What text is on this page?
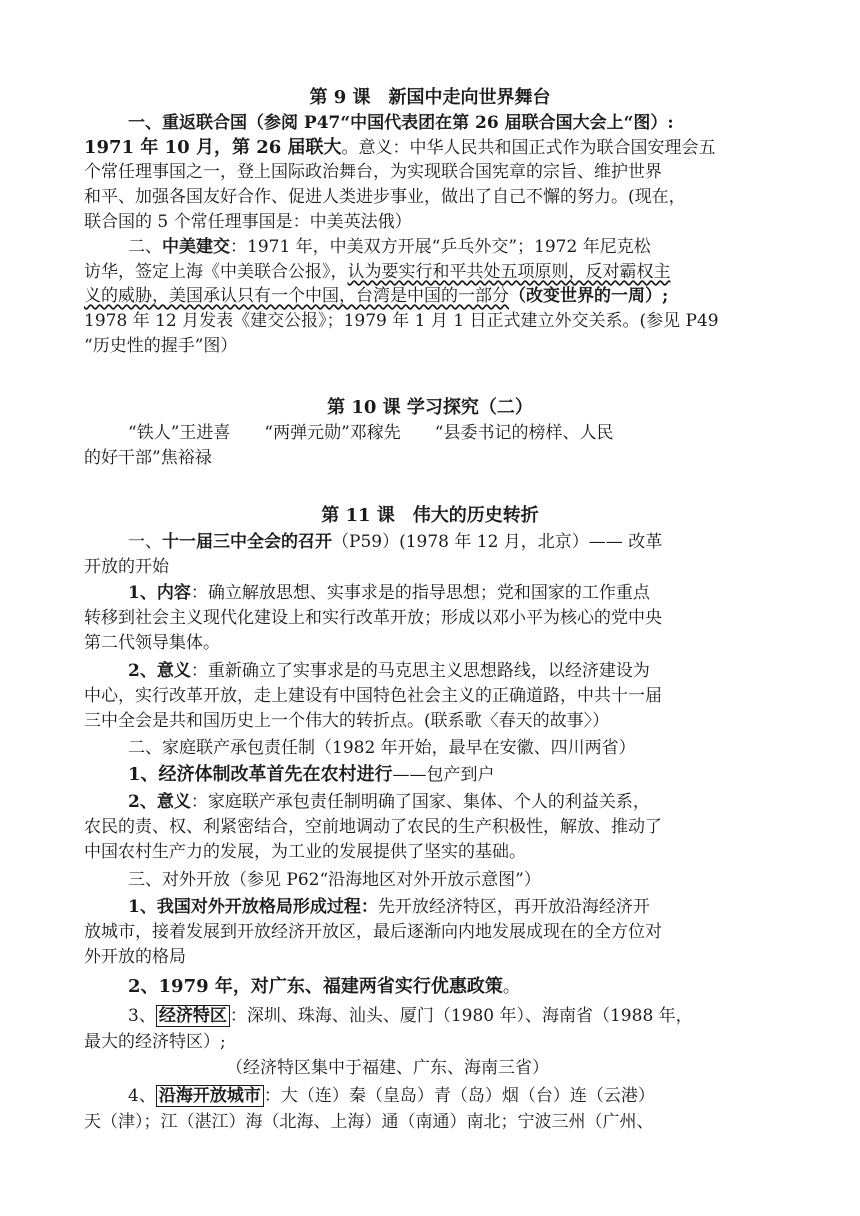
第 9 课　新国中走向世界舞台
一、重返联合国（参阅 P47“中国代表团在第 26 届联合国大会上“图）:
1971 年 10 月，第 26 届联大。意义：中华人民共和国正式作为联合国安理会五
个常任理事国之一，登上国际政治舞台，为实现联合国宪章的宗旨、维护世界
和平、加强各国友好合作、促进人类进步事业，做出了自己不懈的努力。(现在，
联合国的 5 个常任理事国是：中美英法俄）
二、中美建交：1971 年，中美双方开展“乒乓外交”；1972 年尼克松
访华，签定上海《中美联合公报》，认为要实行和平共处五项原则，反对霸权主
义的威胁，美国承认只有一个中国，台湾是中国的一部分（改变世界的一周）;
1978 年 12 月发表《建交公报》；1979 年 1 月 1 日正式建立外交关系。(参见 P49
“历史性的握手”图）
第 10 课 学习探究（二）
“铁人”王进喜　　“两弹元勋”邓稼先　　“县委书记的榜样、人民
的好干部”焦裕禄
第 11 课　伟大的历史转折
一、十一届三中全会的召开（P59）(1978 年 12 月，北京）—— 改革
开放的开始
1、内容：确立解放思想、实事求是的指导思想；党和国家的工作重点
转移到社会主义现代化建设上和实行改革开放；形成以邓小平为核心的党中央
第二代领导集体。
2、意义：重新确立了实事求是的马克思主义思想路线，以经济建设为
中心，实行改革开放，走上建设有中国特色社会主义的正确道路，中共十一届
三中全会是共和国历史上一个伟大的转折点。(联系歌〈春天的故事〉）
二、家庭联产承包责任制（1982 年开始，最早在安徽、四川两省）
1、经济体制改革首先在农村进行——包产到户
2、意义：家庭联产承包责任制明确了国家、集体、个人的利益关系，
农民的责、权、利紧密结合，空前地调动了农民的生产积极性，解放、推动了
中国农村生产力的发展，为工业的发展提供了坚实的基础。
三、对外开放（参见 P62“沿海地区对外开放示意图”）
1、我国对外开放格局形成过程：先开放经济特区，再开放沿海经济开
放城市，接着发展到开放经济开放区，最后逐渐向内地发展成现在的全方位对
外开放的格局
2、1979 年，对广东、福建两省实行优惠政策。
3、 经济特区 ：深圳、珠海、汕头、厦门（1980 年）、海南省（1988 年，
最大的经济特区）;
（经济特区集中于福建、广东、海南三省）
4、 沿海开放城市 ：大（连）秦（皇岛）青（岛）烟（台）连（云港）
天（津）；江（湛江）海（北海、上海）通（南通）南北；宁波三州（广州、
